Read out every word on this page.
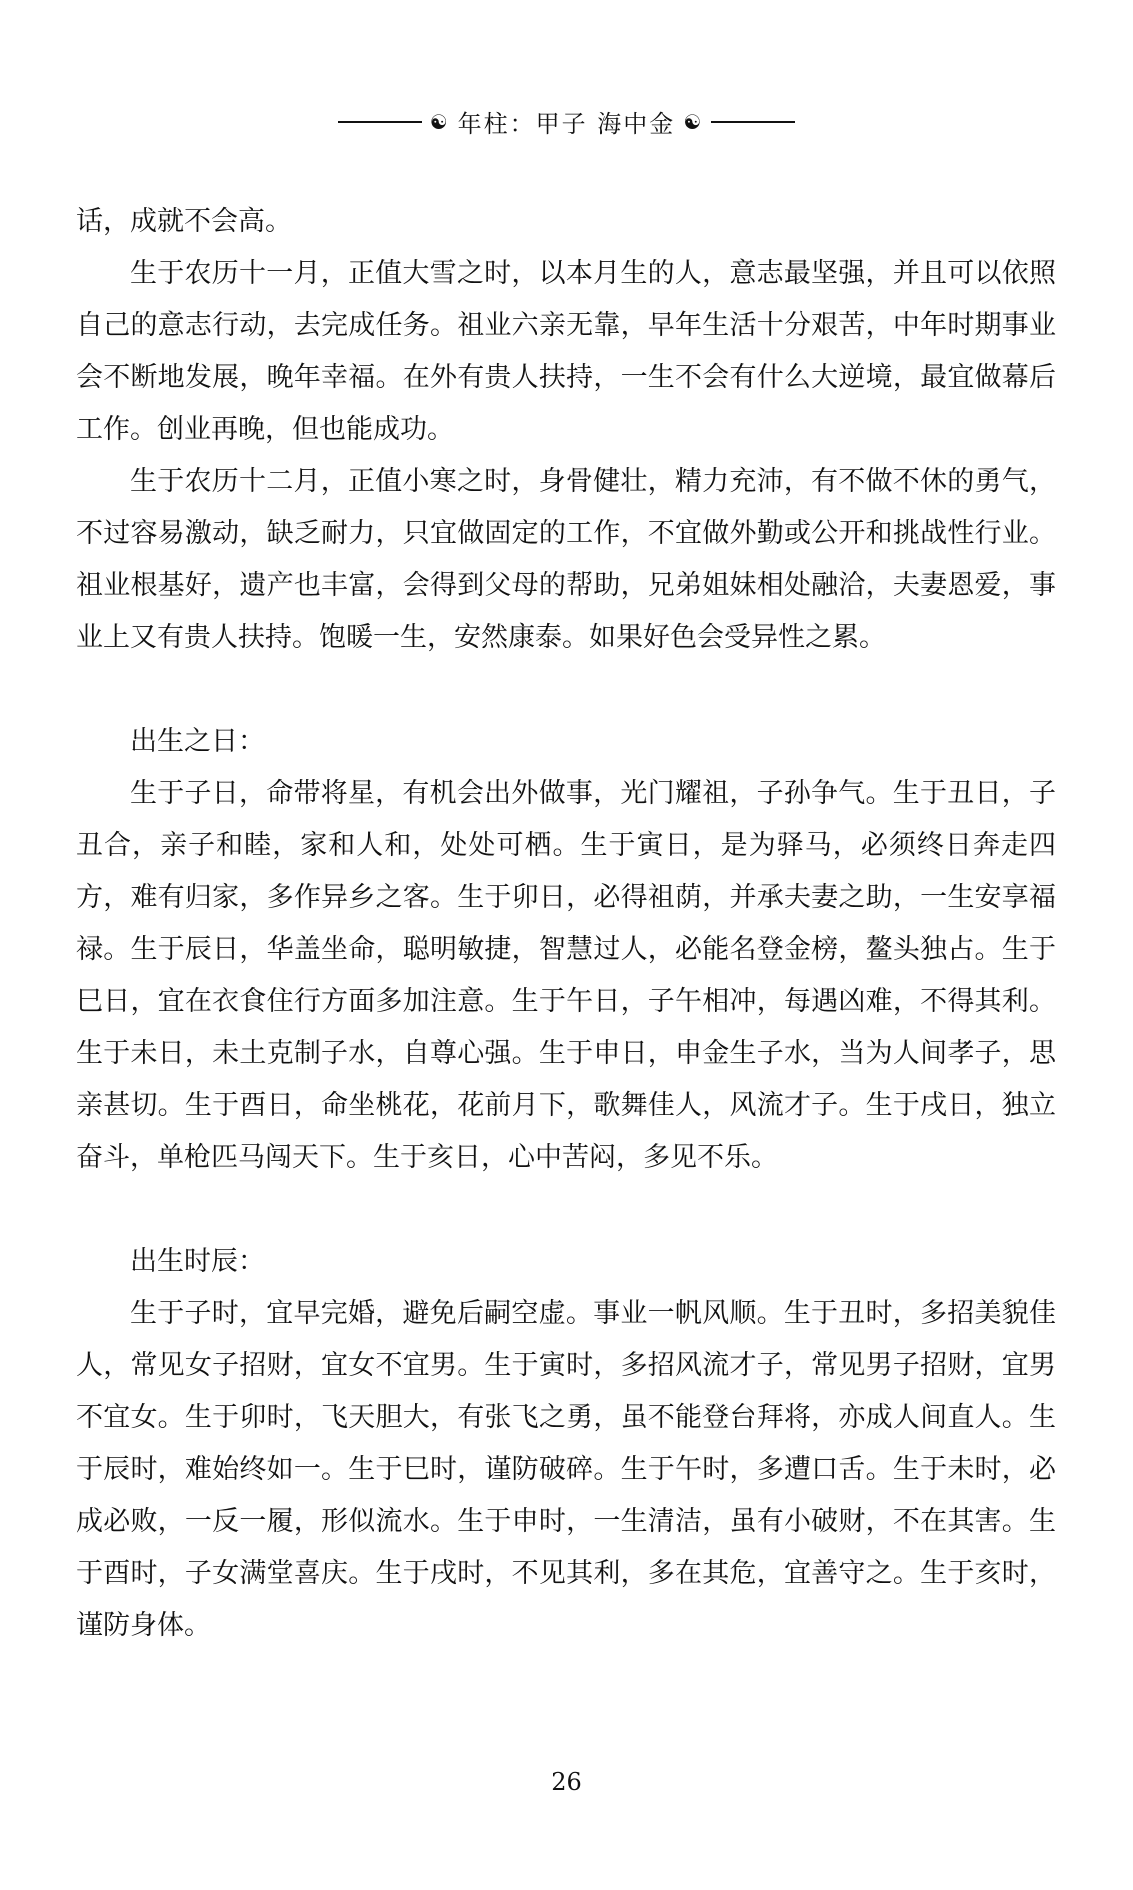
☯ 年柱：甲子 海中金 ☯

话，成就不会高。

生于农历十一月，正值大雪之时，以本月生的人，意志最坚强，并且可以依照自己的意志行动，去完成任务。祖业六亲无靠，早年生活十分艰苦，中年时期事业会不断地发展，晚年幸福。在外有贵人扶持，一生不会有什么大逆境，最宜做幕后工作。创业再晚，但也能成功。

生于农历十二月，正值小寒之时，身骨健壮，精力充沛，有不做不休的勇气，不过容易激动，缺乏耐力，只宜做固定的工作，不宜做外勤或公开和挑战性行业。祖业根基好，遗产也丰富，会得到父母的帮助，兄弟姐妹相处融洽，夫妻恩爱，事业上又有贵人扶持。饱暖一生，安然康泰。如果好色会受异性之累。

出生之日：

生于子日，命带将星，有机会出外做事，光门耀祖，子孙争气。生于丑日，子丑合，亲子和睦，家和人和，处处可栖。生于寅日，是为驿马，必须终日奔走四方，难有归家，多作异乡之客。生于卯日，必得祖荫，并承夫妻之助，一生安享福禄。生于辰日，华盖坐命，聪明敏捷，智慧过人，必能名登金榜，鳌头独占。生于巳日，宜在衣食住行方面多加注意。生于午日，子午相冲，每遇凶难，不得其利。生于未日，未土克制子水，自尊心强。生于申日，申金生子水，当为人间孝子，思亲甚切。生于酉日，命坐桃花，花前月下，歌舞佳人，风流才子。生于戌日，独立奋斗，单枪匹马闯天下。生于亥日，心中苦闷，多见不乐。

出生时辰：

生于子时，宜早完婚，避免后嗣空虚。事业一帆风顺。生于丑时，多招美貌佳人，常见女子招财，宜女不宜男。生于寅时，多招风流才子，常见男子招财，宜男不宜女。生于卯时，飞天胆大，有张飞之勇，虽不能登台拜将，亦成人间直人。生于辰时，难始终如一。生于巳时，谨防破碎。生于午时，多遭口舌。生于未时，必成必败，一反一履，形似流水。生于申时，一生清洁，虽有小破财，不在其害。生于酉时，子女满堂喜庆。生于戌时，不见其利，多在其危，宜善守之。生于亥时，谨防身体。

26
